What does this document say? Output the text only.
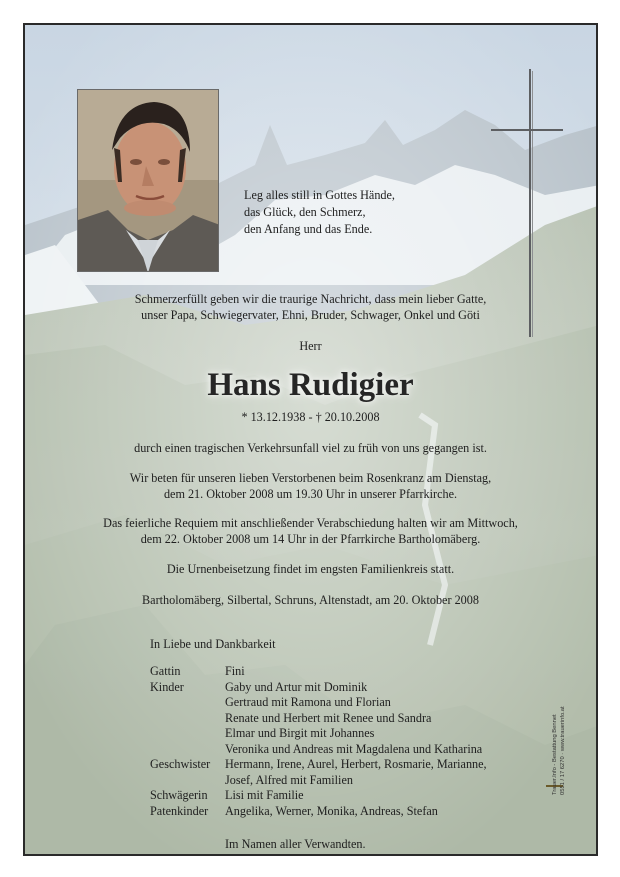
Leg alles still in Gottes Hände,
das Glück, den Schmerz,
den Anfang und das Ende.
Schmerzerfüllt geben wir die traurige Nachricht, dass mein lieber Gatte,
unser Papa, Schwiegervater, Ehni, Bruder, Schwager, Onkel und Göti
Herr
Hans Rudigier
* 13.12.1938 - † 20.10.2008
durch einen tragischen Verkehrsunfall viel zu früh von uns gegangen ist.
Wir beten für unseren lieben Verstorbenen beim Rosenkranz am Dienstag,
dem 21. Oktober 2008 um 19.30 Uhr in unserer Pfarrkirche.
Das feierliche Requiem mit anschließender Verabschiedung halten wir am Mittwoch,
dem 22. Oktober 2008 um 14 Uhr in der Pfarrkirche Bartholomäberg.
Die Urnenbeisetzung findet im engsten Familienkreis statt.
Bartholomäberg, Silbertal, Schruns, Altenstadt, am 20. Oktober 2008
In Liebe und Dankbarkeit
Gattin	Fini
Kinder	Gaby und Artur mit Dominik
Gertraud mit Ramona und Florian
Renate und Herbert mit Renee und Sandra
Elmar und Birgit mit Johannes
Veronika und Andreas mit Magdalena und Katharina
Geschwister	Hermann, Irene, Aurel, Herbert, Rosmarie, Marianne,
Josef, Alfred mit Familien
Schwägerin	Lisi mit Familie
Patenkinder	Angelika, Werner, Monika, Andreas, Stefan
Im Namen aller Verwandten.
Trauer.Info - Bestattung Bennet 0551 / 17 6270 · www.trauerinfo.at
